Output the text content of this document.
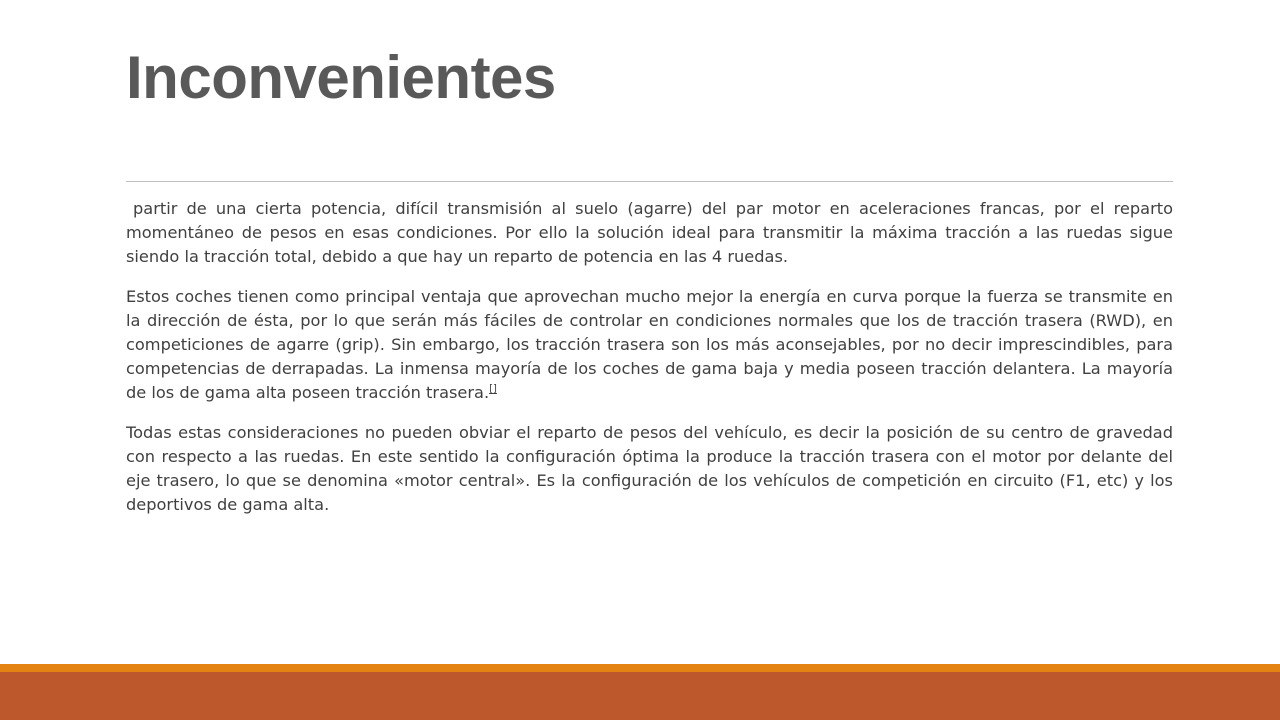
Inconvenientes

partir de una cierta potencia, difícil transmisión al suelo (agarre) del par motor en aceleraciones francas, por el reparto momentáneo de pesos en esas condiciones. Por ello la solución ideal para transmitir la máxima tracción a las ruedas sigue siendo la tracción total, debido a que hay un reparto de potencia en las 4 ruedas.

Estos coches tienen como principal ventaja que aprovechan mucho mejor la energía en curva porque la fuerza se transmite en la dirección de ésta, por lo que serán más fáciles de controlar en condiciones normales que los de tracción trasera (RWD), en competiciones de agarre (grip). Sin embargo, los tracción trasera son los más aconsejables, por no decir imprescindibles, para competencias de derrapadas. La inmensa mayoría de los coches de gama baja y media poseen tracción delantera. La mayoría de los de gama alta poseen tracción trasera.[]

Todas estas consideraciones no pueden obviar el reparto de pesos del vehículo, es decir la posición de su centro de gravedad con respecto a las ruedas. En este sentido la configuración óptima la produce la tracción trasera con el motor por delante del eje trasero, lo que se denomina «motor central». Es la configuración de los vehículos de competición en circuito (F1, etc) y los deportivos de gama alta.
